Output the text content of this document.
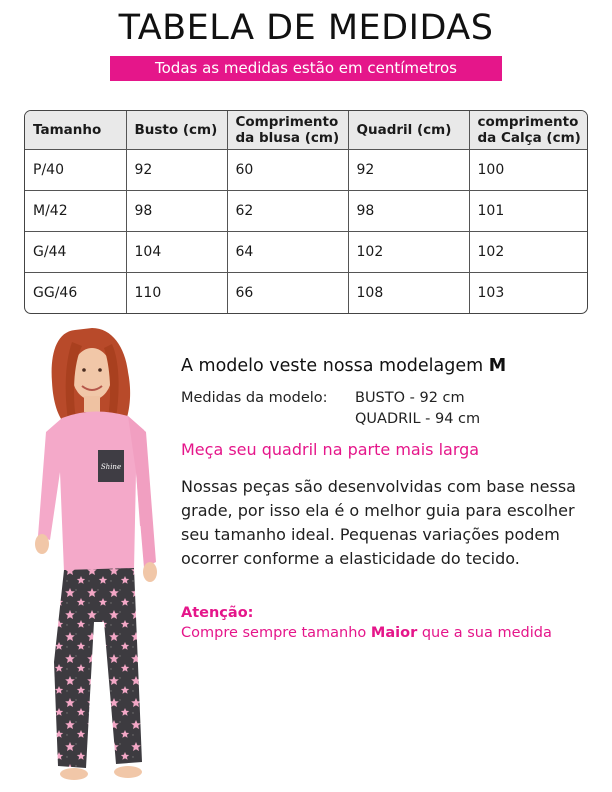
TABELA DE MEDIDAS
Todas as medidas estão em centímetros
Tamanho	Busto (cm)	Comprimento da blusa (cm)	Quadril (cm)	comprimento da Calça (cm)
P/40	92	60	92	100
M/42	98	62	98	101
G/44	104	64	102	102
GG/46	110	66	108	103
Shine
A modelo veste nossa modelagem M
Medidas da modelo: BUSTO - 92 cm
QUADRIL - 94 cm
Meça seu quadril na parte mais larga
Nossas peças são desenvolvidas com base nessa grade, por isso ela é o melhor guia para escolher seu tamanho ideal. Pequenas variações podem ocorrer conforme a elasticidade do tecido.
Atenção:
Compre sempre tamanho Maior que a sua medida
